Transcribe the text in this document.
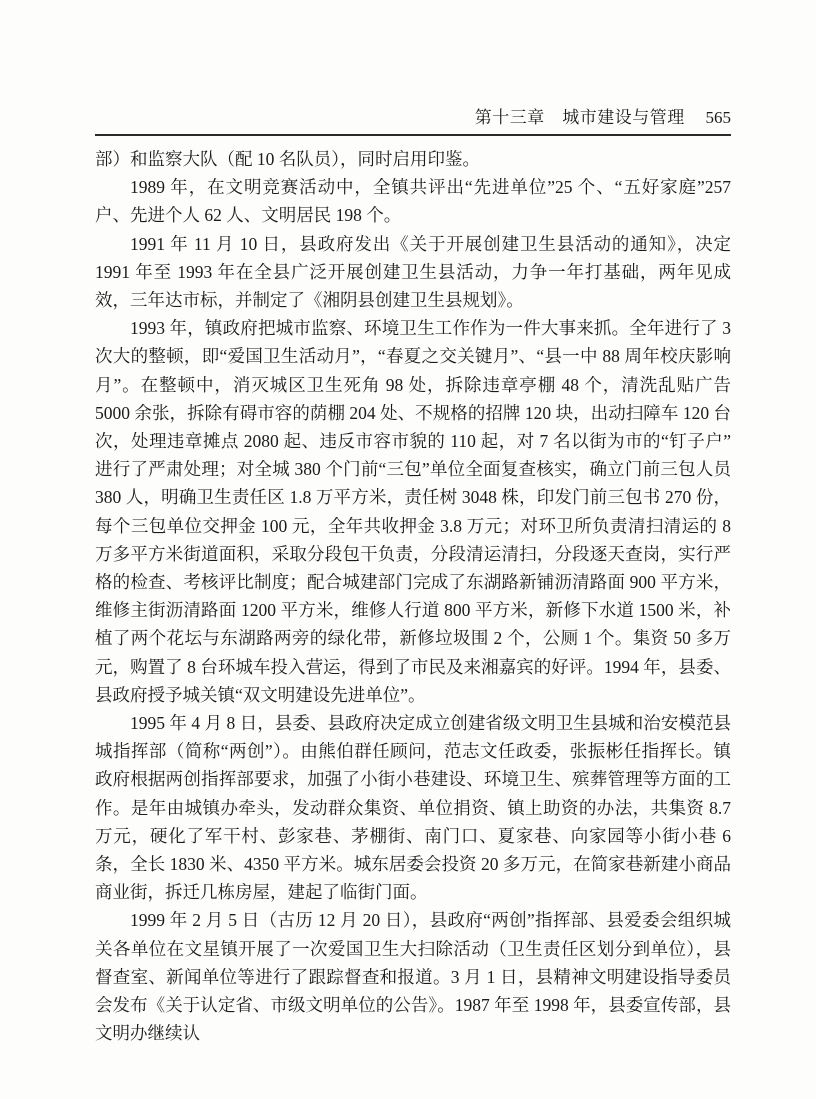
第十三章　城市建设与管理 565

部）和监察大队（配 10 名队员），同时启用印鉴。

1989 年，在文明竞赛活动中，全镇共评出“先进单位”25 个、“五好家庭”257 户、先进个人 62 人、文明居民 198 个。

1991 年 11 月 10 日，县政府发出《关于开展创建卫生县活动的通知》，决定 1991 年至 1993 年在全县广泛开展创建卫生县活动，力争一年打基础，两年见成效，三年达市标，并制定了《湘阴县创建卫生县规划》。

1993 年，镇政府把城市监察、环境卫生工作作为一件大事来抓。全年进行了 3 次大的整顿，即“爱国卫生活动月”，“春夏之交关键月”、“县一中 88 周年校庆影响月”。在整顿中，消灭城区卫生死角 98 处，拆除违章亭棚 48 个，清洗乱贴广告 5000 余张，拆除有碍市容的荫棚 204 处、不规格的招牌 120 块，出动扫障车 120 台次，处理违章摊点 2080 起、违反市容市貌的 110 起，对 7 名以街为市的“钉子户”进行了严肃处理；对全城 380 个门前“三包”单位全面复查核实，确立门前三包人员 380 人，明确卫生责任区 1.8 万平方米，责任树 3048 株，印发门前三包书 270 份，每个三包单位交押金 100 元，全年共收押金 3.8 万元；对环卫所负责清扫清运的 8 万多平方米街道面积，采取分段包干负责，分段清运清扫，分段逐天查岗，实行严格的检查、考核评比制度；配合城建部门完成了东湖路新铺沥清路面 900 平方米，维修主街沥清路面 1200 平方米，维修人行道 800 平方米，新修下水道 1500 米，补植了两个花坛与东湖路两旁的绿化带，新修垃圾围 2 个，公厕 1 个。集资 50 多万元，购置了 8 台环城车投入营运，得到了市民及来湘嘉宾的好评。1994 年，县委、县政府授予城关镇“双文明建设先进单位”。

1995 年 4 月 8 日，县委、县政府决定成立创建省级文明卫生县城和治安模范县城指挥部（简称“两创”）。由熊伯群任顾问，范志文任政委，张振彬任指挥长。镇政府根据两创指挥部要求，加强了小街小巷建设、环境卫生、殡葬管理等方面的工作。是年由城镇办牵头，发动群众集资、单位捐资、镇上助资的办法，共集资 8.7 万元，硬化了军干村、彭家巷、茅棚街、南门口、夏家巷、向家园等小街小巷 6 条，全长 1830 米、4350 平方米。城东居委会投资 20 多万元，在简家巷新建小商品商业街，拆迁几栋房屋，建起了临街门面。

1999 年 2 月 5 日（古历 12 月 20 日），县政府“两创”指挥部、县爱委会组织城关各单位在文星镇开展了一次爱国卫生大扫除活动（卫生责任区划分到单位），县督查室、新闻单位等进行了跟踪督查和报道。3 月 1 日，县精神文明建设指导委员会发布《关于认定省、市级文明单位的公告》。1987 年至 1998 年，县委宣传部，县文明办继续认
